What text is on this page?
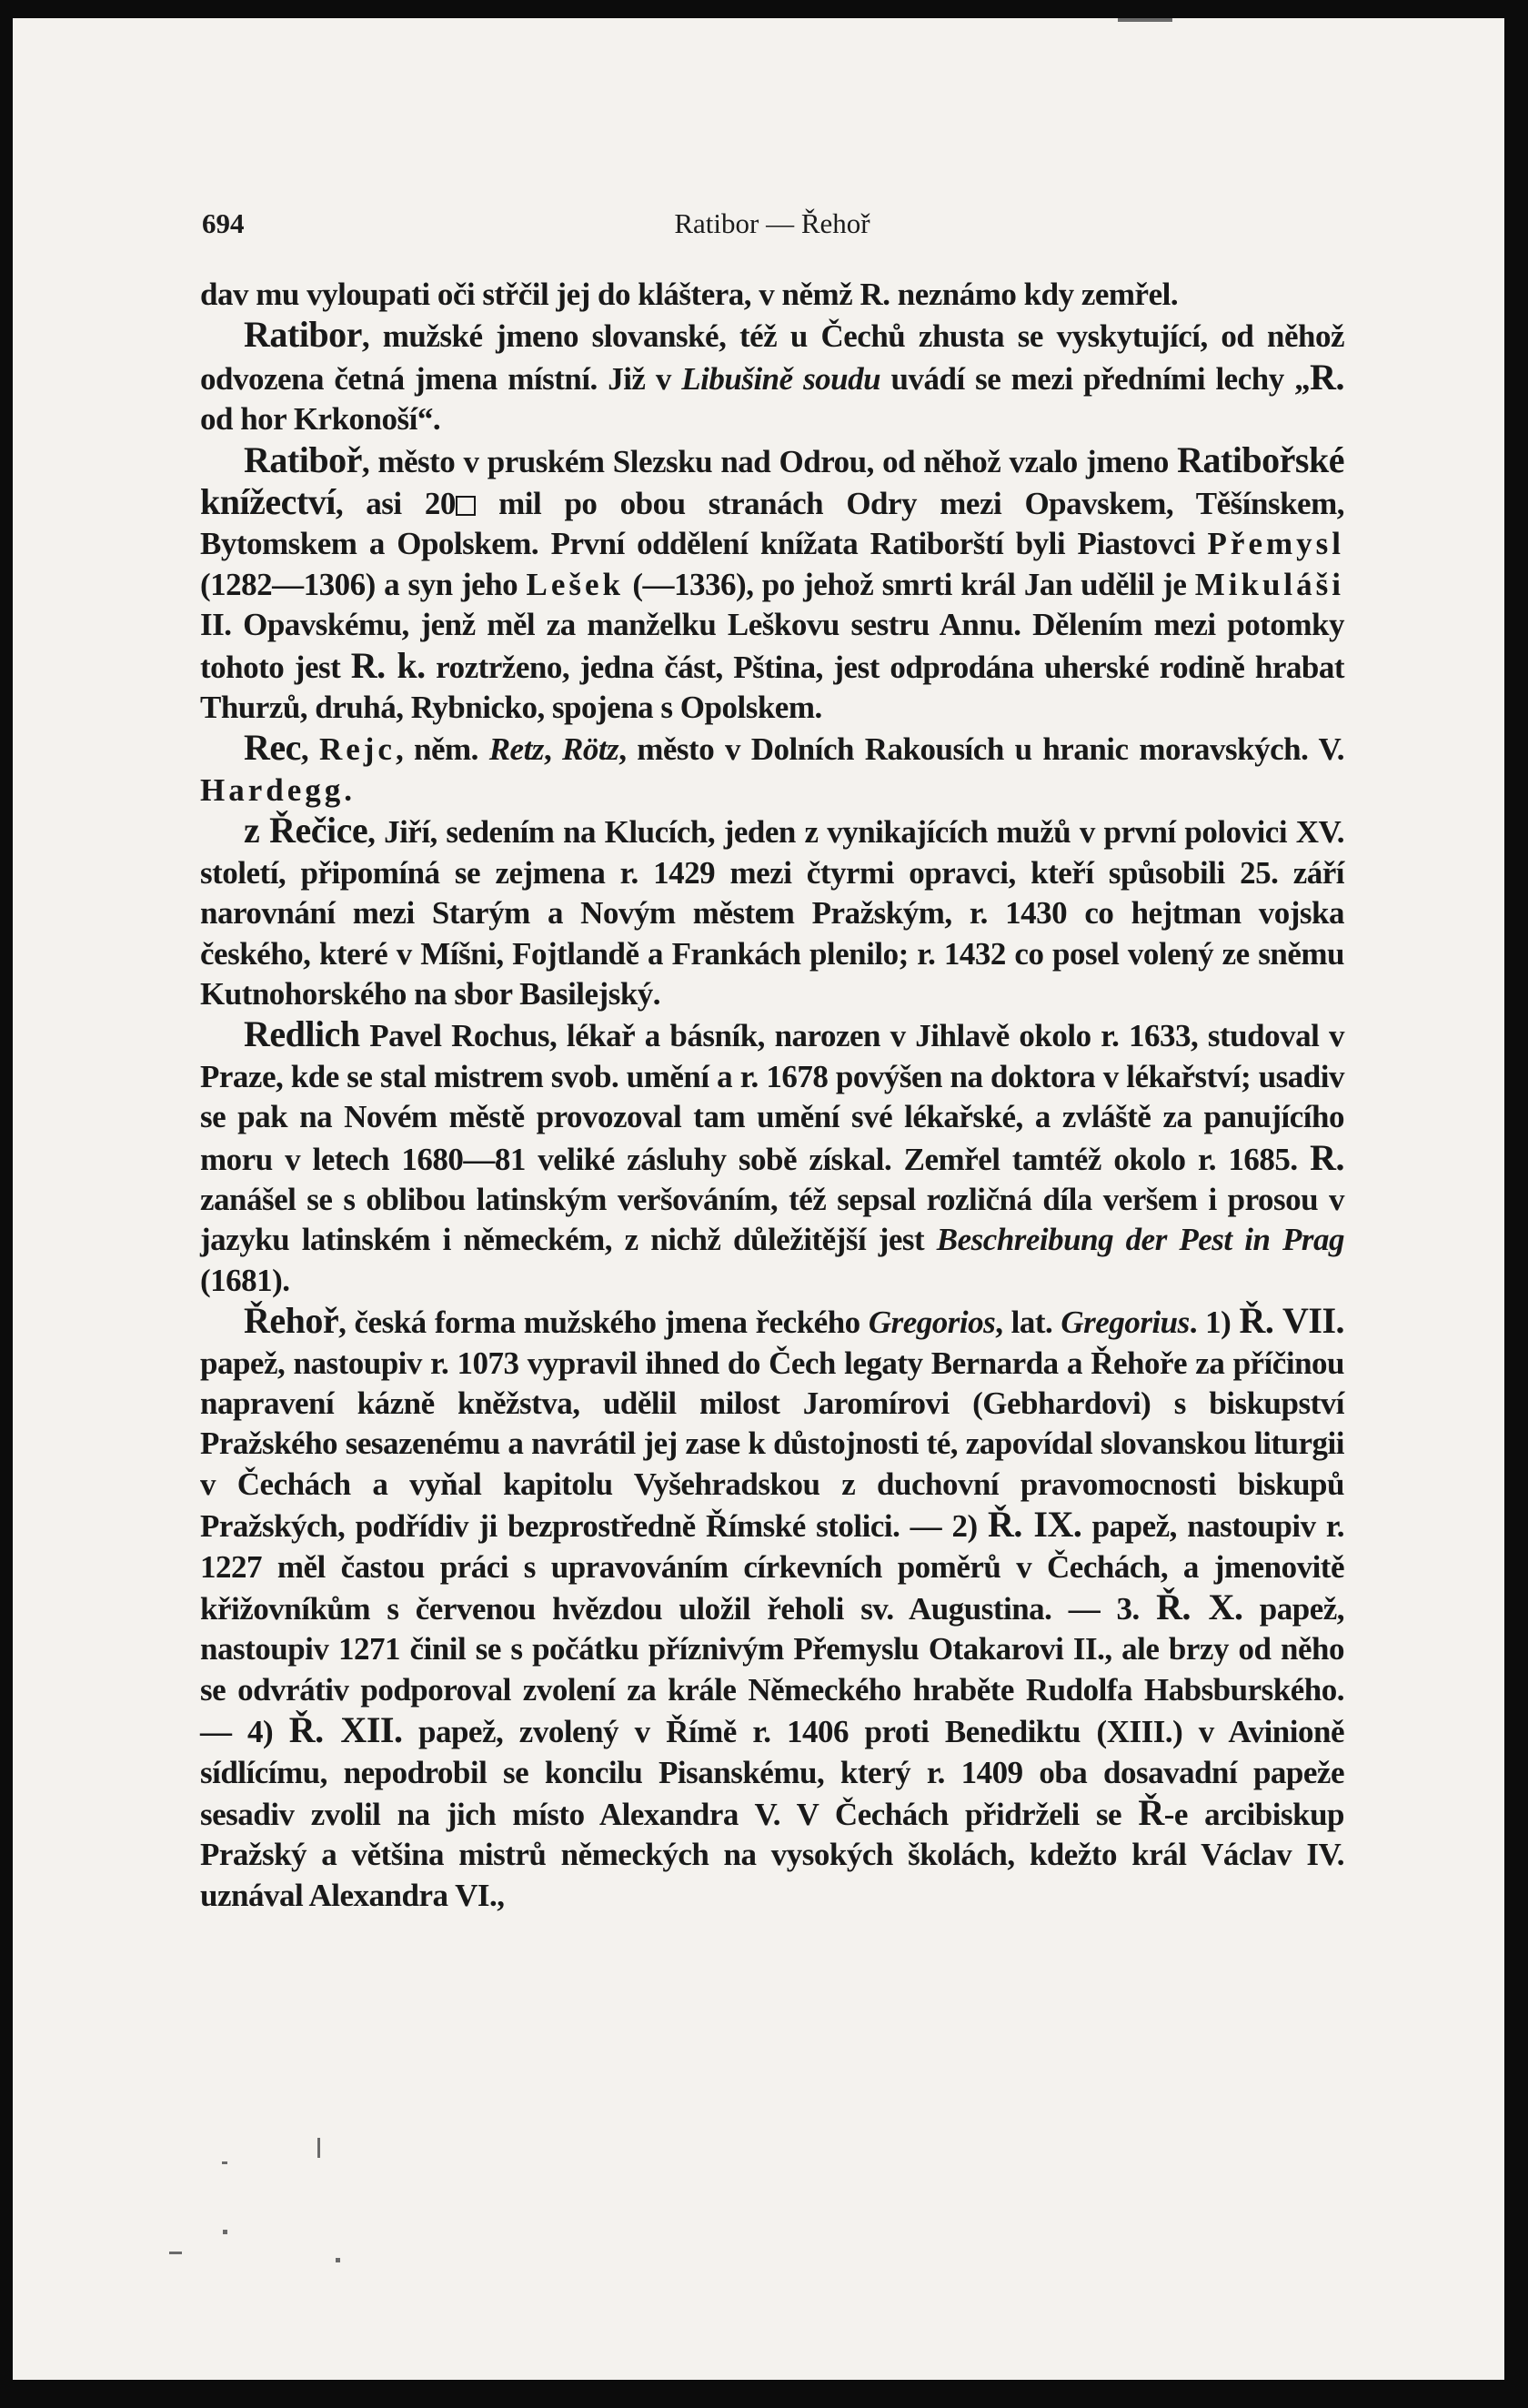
694	Ratibor — Řehoř

dav mu vyloupati oči střčil jej do kláštera, v němž R. neznámo kdy zemřel.

Ratibor, mužské jmeno slovanské, též u Čechů zhusta se vyskytující, od něhož odvozena četná jmena místní. Již v Libušině soudu uvádí se mezi předními lechy „R. od hor Krkonoší“.

Ratiboř, město v pruském Slezsku nad Odrou, od něhož vzalo jmeno Ratibořské knížectví, asi 20 mil po obou stranách Odry mezi Opavskem, Těšínskem, Bytomskem a Opolskem. První oddělení knížata Ratiborští byli Piastovci Přemysl (1282—1306) a syn jeho Lešek (—1336), po jehož smrti král Jan udělil je Mikuláši II. Opavskému, jenž měl za manželku Leškovu sestru Annu. Dělením mezi potomky tohoto jest R. k. roztrženo, jedna část, Pština, jest odprodána uherské rodině hrabat Thurzů, druhá, Rybnicko, spojena s Opolskem.

Rec, Rejc, něm. Retz, Rötz, město v Dolních Rakousích u hranic moravských. V. Hardegg.

z Řečice, Jiří, sedením na Klucích, jeden z vynikajících mužů v první polovici XV. století, připomíná se zejmena r. 1429 mezi čtyrmi opravci, kteří spůsobili 25. září narovnání mezi Starým a Novým městem Pražským, r. 1430 co hejtman vojska českého, které v Míšni, Fojtlandě a Frankách plenilo; r. 1432 co posel volený ze sněmu Kutnohorského na sbor Basilejský.

Redlich Pavel Rochus, lékař a básník, narozen v Jihlavě okolo r. 1633, studoval v Praze, kde se stal mistrem svob. umění a r. 1678 povýšen na doktora v lékařství; usadiv se pak na Novém městě provozoval tam umění své lékařské, a zvláště za panujícího moru v letech 1680—81 veliké zásluhy sobě získal. Zemřel tamtéž okolo r. 1685. R. zanášel se s oblibou latinským veršováním, též sepsal rozličná díla veršem i prosou v jazyku latinském i německém, z nichž důležitější jest Beschreibung der Pest in Prag (1681).

Řehoř, česká forma mužského jmena řeckého Gregorios, lat. Gregorius. 1) Ř. VII. papež, nastoupiv r. 1073 vypravil ihned do Čech legaty Bernarda a Řehoře za příčinou napravení kázně kněžstva, udělil milost Jaromírovi (Gebhardovi) s biskupství Pražského sesazenému a navrátil jej zase k důstojnosti té, zapovídal slovanskou liturgii v Čechách a vyňal kapitolu Vyšehradskou z duchovní pravomocnosti biskupů Pražských, podřídiv ji bezprostředně Římské stolici. — 2) Ř. IX. papež, nastoupiv r. 1227 měl častou práci s upravováním církevních poměrů v Čechách, a jmenovitě křižovníkům s červenou hvězdou uložil řeholi sv. Augustina. — 3. Ř. X. papež, nastoupiv 1271 činil se s počátku příznivým Přemyslu Otakarovi II., ale brzy od něho se odvrátiv podporoval zvolení za krále Německého hraběte Rudolfa Habsburského. — 4) Ř. XII. papež, zvolený v Římě r. 1406 proti Benediktu (XIII.) v Avinioně sídlícímu, nepodrobil se koncilu Pisanskému, který r. 1409 oba dosavadní papeže sesadiv zvolil na jich místo Alexandra V. V Čechách přidrželi se Ř-e arcibiskup Pražský a většina mistrů německých na vysokých školách, kdežto král Václav IV. uznával Alexandra VI.,
